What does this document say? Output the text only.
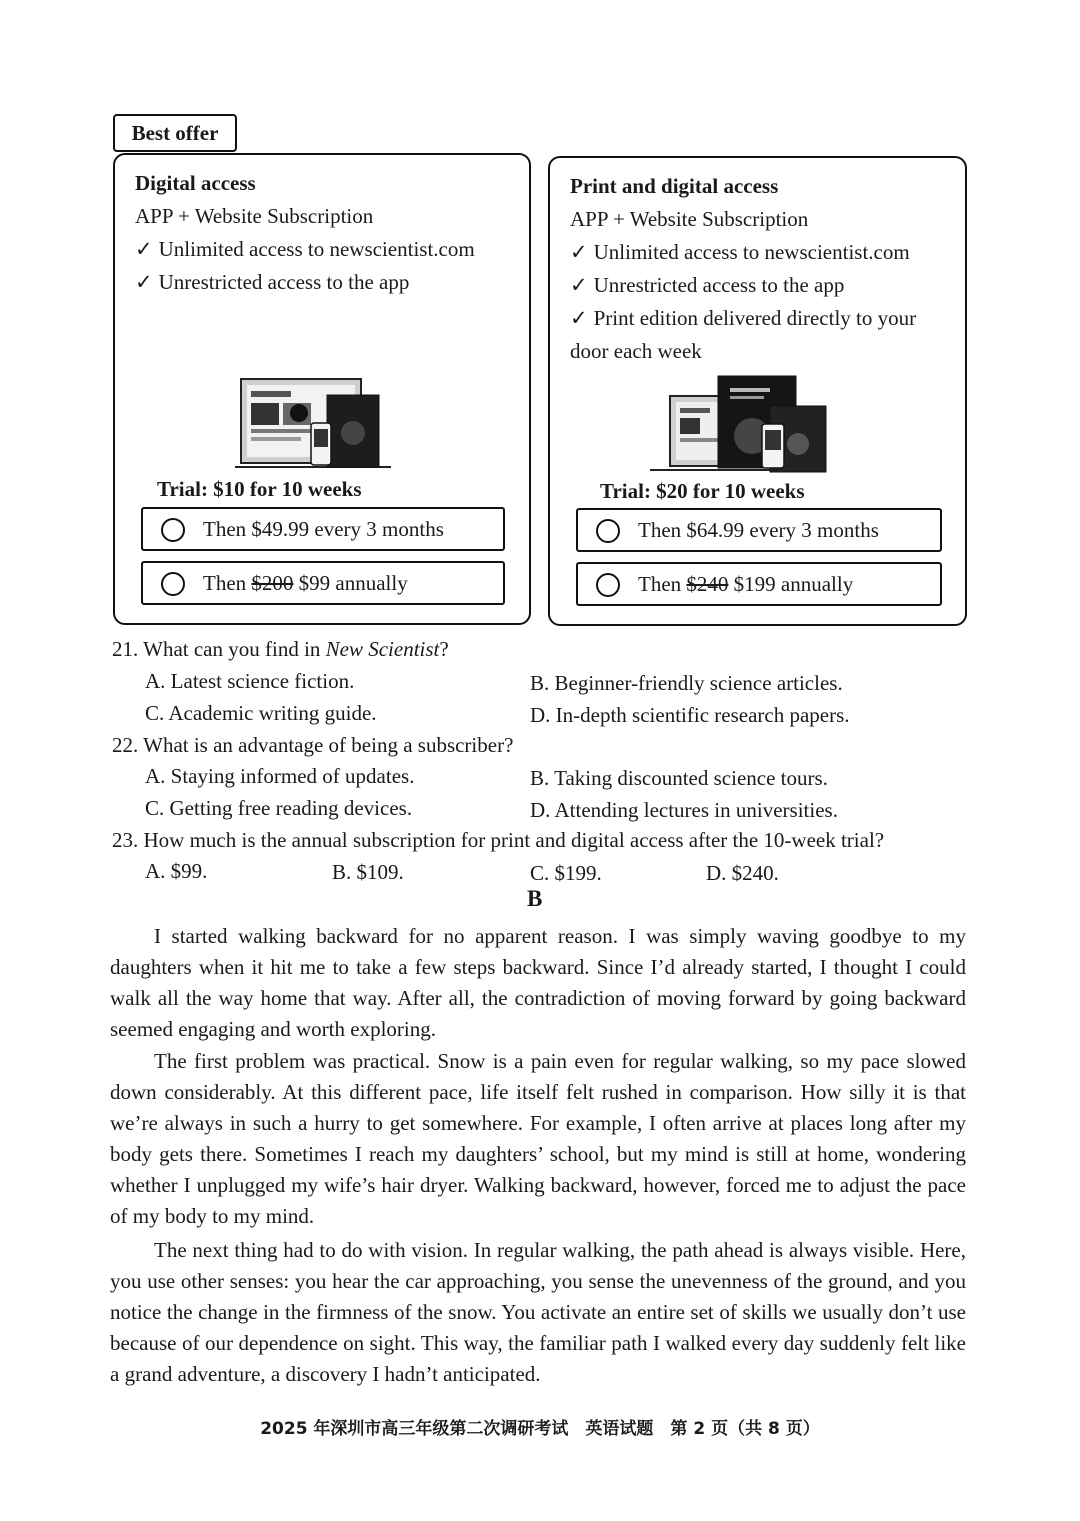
Best offer
Digital access
APP + Website Subscription
✓ Unlimited access to newscientist.com
✓ Unrestricted access to the app
Trial: $10 for 10 weeks
Then $49.99 every 3 months
Then $200 $99 annually
Print and digital access
APP + Website Subscription
✓ Unlimited access to newscientist.com
✓ Unrestricted access to the app
✓ Print edition delivered directly to your
door each week
Trial: $20 for 10 weeks
Then $64.99 every 3 months
Then $240 $199 annually
21. What can you find in New Scientist?
A. Latest science fiction.	B. Beginner-friendly science articles.
C. Academic writing guide.	D. In-depth scientific research papers.
22. What is an advantage of being a subscriber?
A. Staying informed of updates.	B. Taking discounted science tours.
C. Getting free reading devices.	D. Attending lectures in universities.
23. How much is the annual subscription for print and digital access after the 10-week trial?
A. $99.	B. $109.	C. $199.	D. $240.
B

I started walking backward for no apparent reason. I was simply waving goodbye to my daughters when it hit me to take a few steps backward. Since I’d already started, I thought I could walk all the way home that way. After all, the contradiction of moving forward by going backward seemed engaging and worth exploring.

The first problem was practical. Snow is a pain even for regular walking, so my pace slowed down considerably. At this different pace, life itself felt rushed in comparison. How silly it is that we’re always in such a hurry to get somewhere. For example, I often arrive at places long after my body gets there. Sometimes I reach my daughters’ school, but my mind is still at home, wondering whether I unplugged my wife’s hair dryer. Walking backward, however, forced me to adjust the pace of my body to my mind.

The next thing had to do with vision. In regular walking, the path ahead is always visible. Here, you use other senses: you hear the car approaching, you sense the unevenness of the ground, and you notice the change in the firmness of the snow. You activate an entire set of skills we usually don’t use because of our dependence on sight. This way, the familiar path I walked every day suddenly felt like a grand adventure, a discovery I hadn’t anticipated.

2025 年深圳市高三年级第二次调研考试　英语试题　第 2 页（共 8 页）
